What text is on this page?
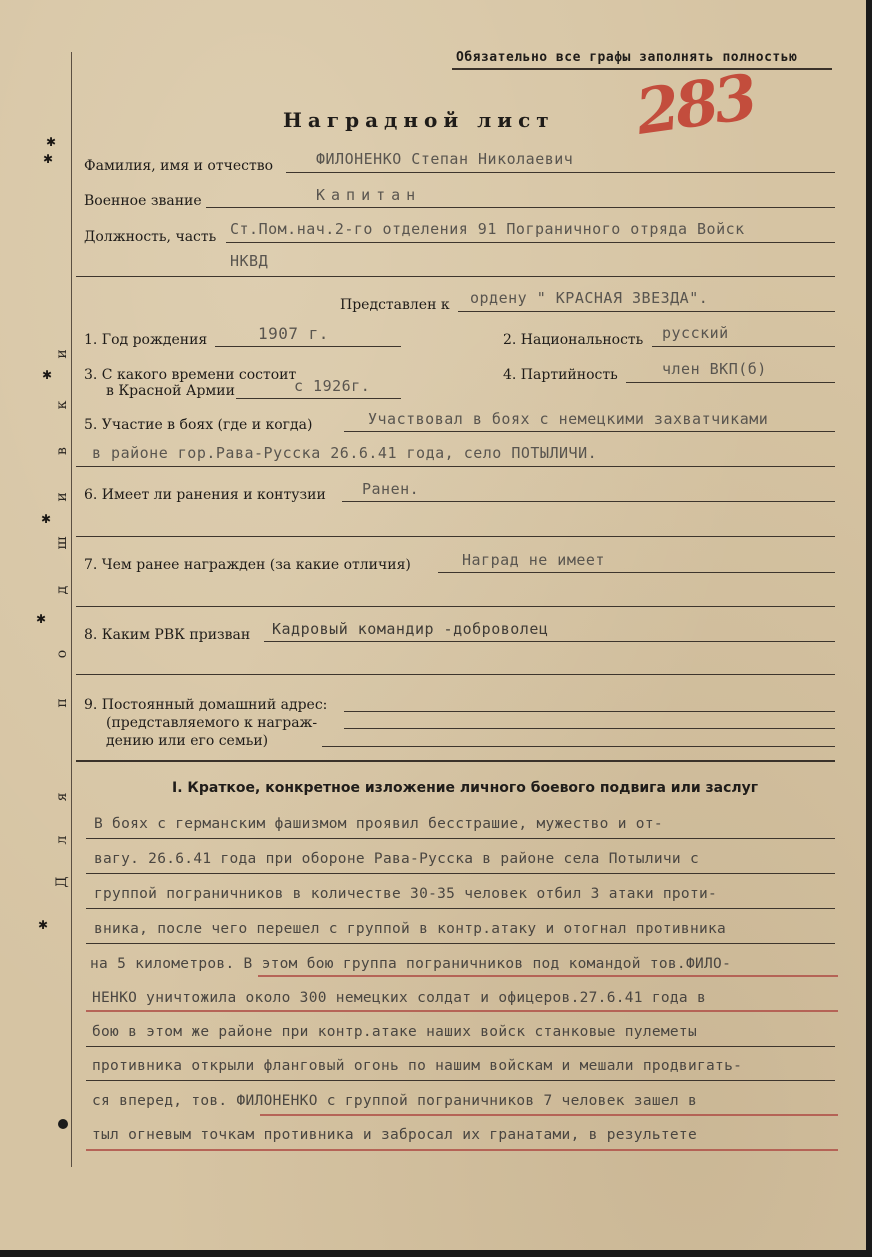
и
к
в
и
ш
д
о
п
я
л
Д
✱
✱
✱
✱
✱
✱
Обязательно все графы заполнять полностью
Наградной лист 283
Фамилия, имя и отчество	ФИЛОНЕНКО Степан Николаевич
Военное звание	Капитан
Должность, часть Ст.Пом.нач.2-го отделения 91 Пограничного отряда Войск
НКВД
Представлен к ордену " КРАСНАЯ ЗВЕЗДА".
1. Год рождения	1907 г.	2. Национальность русский
3. С какого времени состоит
в Красной Армии	с 1926г.
4. Партийность	член ВКП(б)
5. Участие в боях (где и когда)	Участвовал в боях с немецкими захватчиками
в районе гор.Рава-Русска 26.6.41 года, село ПОТЫЛИЧИ.
6. Имеет ли ранения и контузии Ранен.
7. Чем ранее награжден (за какие отличия)	Наград не имеет
8. Каким РВК призван Кадровый командир -доброволец
9. Постоянный домашний адрес:
(представляемого к награж-
дению или его семьи)
I. Краткое, конкретное изложение личного боевого подвига или заслуг
В боях с германским фашизмом проявил бесстрашие, мужество и от-
вагу. 26.6.41 года при обороне Рава-Русска в районе села Потыличи с
группой пограничников в количестве 30-35 человек отбил 3 атаки проти-
вника, после чего перешел с группой в контр.атаку и отогнал противника
на 5 километров. В этом бою группа пограничников под командой тов.ФИЛО-
НЕНКО уничтожила около 300 немецких солдат и офицеров.27.6.41 года в
бою в этом же районе при контр.атаке наших войск станковые пулеметы
противника открыли фланговый огонь по нашим войскам и мешали продвигать-
ся вперед, тов. ФИЛОНЕНКО с группой пограничников 7 человек зашел в
тыл огневым точкам противника и забросал их гранатами, в результете
